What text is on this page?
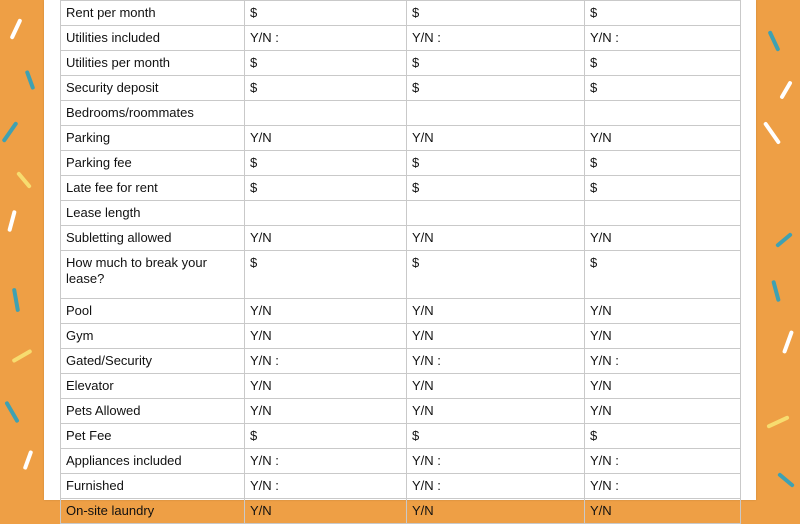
Rent per month	$	$	$
Utilities included	Y/N :	Y/N :	Y/N :
Utilities per month	$	$	$
Security deposit	$	$	$
Bedrooms/roommates			
Parking	Y/N	Y/N	Y/N
Parking fee	$	$	$
Late fee for rent	$	$	$
Lease length			
Subletting allowed	Y/N	Y/N	Y/N
How much to break your lease?	$	$	$
Pool	Y/N	Y/N	Y/N
Gym	Y/N	Y/N	Y/N
Gated/Security	Y/N :	Y/N :	Y/N :
Elevator	Y/N	Y/N	Y/N
Pets Allowed	Y/N	Y/N	Y/N
Pet Fee	$	$	$
Appliances included	Y/N :	Y/N :	Y/N :
Furnished	Y/N :	Y/N :	Y/N :
On-site laundry	Y/N	Y/N	Y/N
